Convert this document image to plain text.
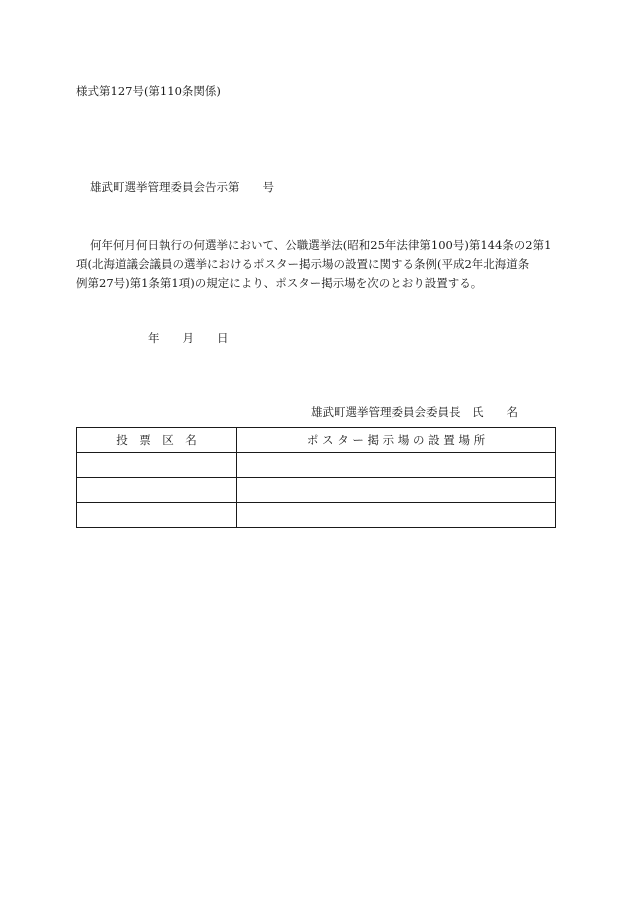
様式第127号(第110条関係)
雄武町選挙管理委員会告示第　　号
何年何月何日執行の何選挙において、公職選挙法(昭和25年法律第100号)第144条の2第1
項(北海道議会議員の選挙におけるポスター掲示場の設置に関する条例(平成2年北海道条
例第27号)第1条第1項)の規定により、ポスター掲示場を次のとおり設置する。
年　　月　　日
雄武町選挙管理委員会委員長　氏　　名
投　票　区　名	ポ ス タ ー 掲 示 場 の 設 置 場 所
